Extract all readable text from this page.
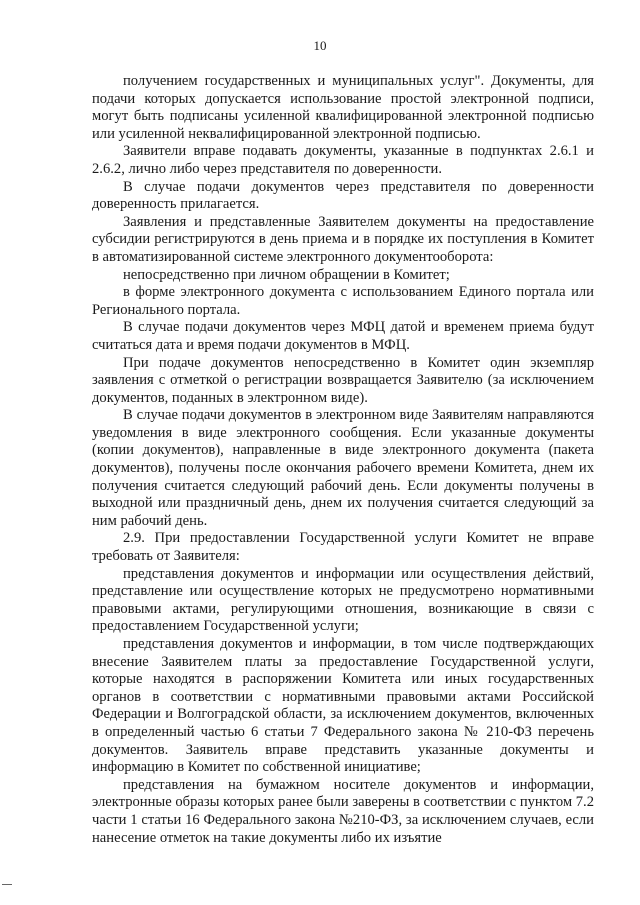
10

получением государственных и муниципальных услуг". Документы, для подачи которых допускается использование простой электронной подписи, могут быть подписаны усиленной квалифицированной электронной подписью или усиленной неквалифицированной электронной подписью.

Заявители вправе подавать документы, указанные в подпунктах 2.6.1 и 2.6.2, лично либо через представителя по доверенности.

В случае подачи документов через представителя по доверенности доверенность прилагается.

Заявления и представленные Заявителем документы на предоставление субсидии регистрируются в день приема и в порядке их поступления в Комитет в автоматизированной системе электронного документооборота:

непосредственно при личном обращении в Комитет;

в форме электронного документа с использованием Единого портала или Регионального портала.

В случае подачи документов через МФЦ датой и временем приема будут считаться дата и время подачи документов в МФЦ.

При подаче документов непосредственно в Комитет один экземпляр заявления с отметкой о регистрации возвращается Заявителю (за исключением документов, поданных в электронном виде).

В случае подачи документов в электронном виде Заявителям направляются уведомления в виде электронного сообщения. Если указанные документы (копии документов), направленные в виде электронного документа (пакета документов), получены после окончания рабочего времени Комитета, днем их получения считается следующий рабочий день. Если документы получены в выходной или праздничный день, днем их получения считается следующий за ним рабочий день.

2.9. При предоставлении Государственной услуги Комитет не вправе требовать от Заявителя:

представления документов и информации или осуществления действий, представление или осуществление которых не предусмотрено нормативными правовыми актами, регулирующими отношения, возникающие в связи с предоставлением Государственной услуги;

представления документов и информации, в том числе подтверждающих внесение Заявителем платы за предоставление Государственной услуги, которые находятся в распоряжении Комитета или иных государственных органов в соответствии с нормативными правовыми актами Российской Федерации и Волгоградской области, за исключением документов, включенных в определенный частью 6 статьи 7 Федерального закона № 210-ФЗ перечень документов. Заявитель вправе представить указанные документы и информацию в Комитет по собственной инициативе;

представления на бумажном носителе документов и информации, электронные образы которых ранее были заверены в соответствии с пунктом 7.2 части 1 статьи 16 Федерального закона №210-ФЗ, за исключением случаев, если нанесение отметок на такие документы либо их изъятие
